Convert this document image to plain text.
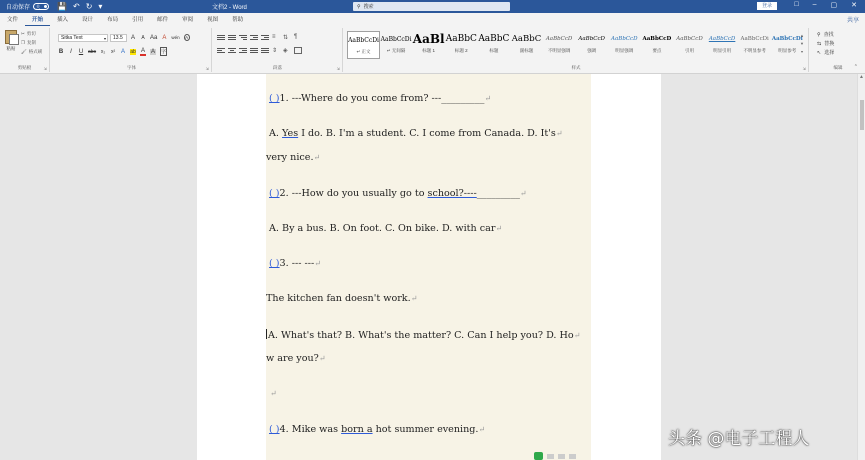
自动保存	关	💾 ↶ ↻ ▾	文档2 - Word	⚲ 搜索	登录	□ – ▢ ✕
文件	开始	插入	设计	布局	引用	邮件	审阅	视图	帮助	共享
粘贴
✂ 剪切
❐ 复制
🖌 格式刷
剪贴板	⇲
Sitka Text	▾	13.5	A A Aa A wén	A
B	I	U abc x₂ x² A ab A A 字
字体	⇲
≡	⇅ ¶
⇕ ◈
段落	⇲
AaBbCcDi
↵ 正文
AaBbCcDi
↵ 无间隔
AaBl
标题 1
AaBbC
标题 2
AaBbC
标题
AaBbC
副标题
AaBbCcD
不明显强调
AaBbCcD
强调
AaBbCcD
明显强调
AaBbCcD
要点
AaBbCcD
引用
AaBbCcD
明显引用
AaBbCcDi
不明显参考
AaBbCcDi
明显参考
▲
▼
▾
样式	⇲
⚲ 查找
⇆ 替换
↖ 选择
编辑	⌃
( )1. ---Where do you come from? ---_________↵
A. Yes I do. B. I'm a student. C. I come from Canada. D. It's↵
very nice.↵
( )2. ---How do you usually go to school?----_________↵
A. By a bus. B. On foot. C. On bike. D. with car↵
( )3. --- ---↵
The kitchen fan doesn't work.↵
A. What's that? B. What's the matter? C. Can I help you? D. Ho↵
w are you?↵
↵
( )4. Mike was born a hot summer evening.↵
▲
头条 @电子工程人
